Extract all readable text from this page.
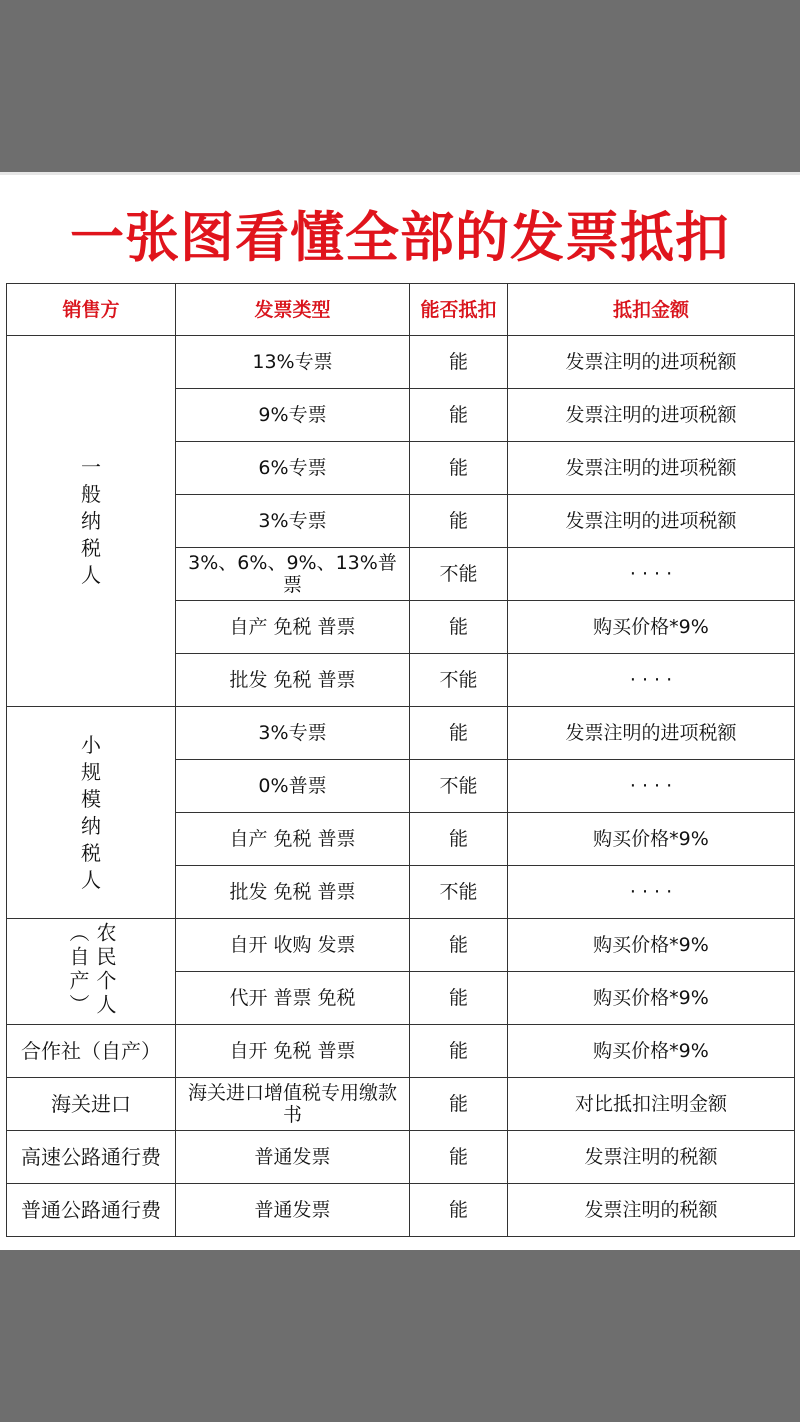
一张图看懂全部的发票抵扣
销售方	发票类型	能否抵扣	抵扣金额
一般纳税人	13%专票	能	发票注明的进项税额
	9%专票	能	发票注明的进项税额
	6%专票	能	发票注明的进项税额
	3%专票	能	发票注明的进项税额
	3%、6%、9%、13%普票	不能	· · · ·
	自产 免税 普票	能	购买价格*9%
	批发 免税 普票	不能	· · · ·
小规模纳税人	3%专票	能	发票注明的进项税额
	0%普票	不能	· · · ·
	自产 免税 普票	能	购买价格*9%
	批发 免税 普票	不能	· · · ·
农民个人（自产）	自开 收购 发票	能	购买价格*9%
	代开 普票 免税	能	购买价格*9%
合作社（自产）	自开 免税 普票	能	购买价格*9%
海关进口	海关进口增值税专用缴款书	能	对比抵扣注明金额
高速公路通行费	普通发票	能	发票注明的税额
普通公路通行费	普通发票	能	发票注明的税额
